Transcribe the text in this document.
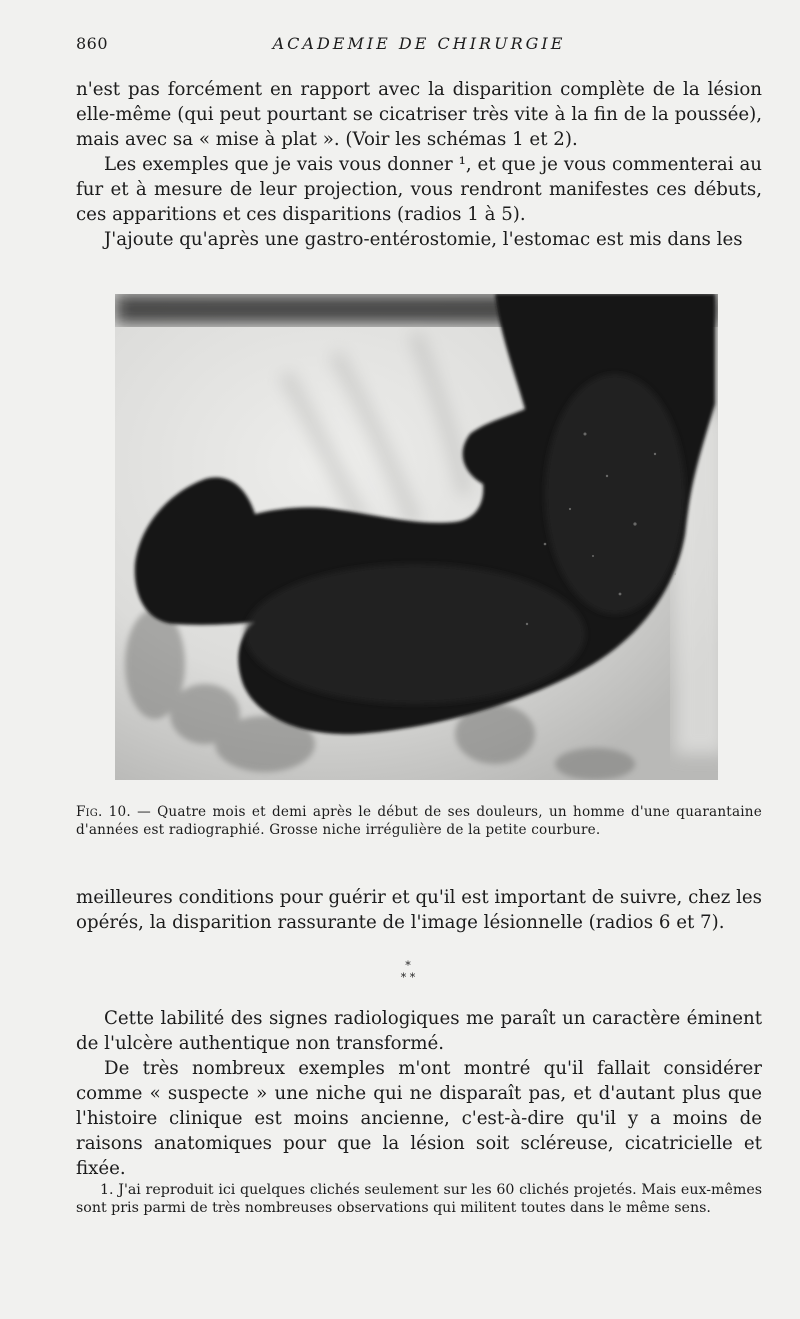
860	ACADEMIE DE CHIRURGIE

n'est pas forcément en rapport avec la disparition complète de la lésion elle-même (qui peut pourtant se cicatriser très vite à la fin de la poussée), mais avec sa « mise à plat ». (Voir les schémas 1 et 2).

Les exemples que je vais vous donner ¹, et que je vous commenterai au fur et à mesure de leur projection, vous rendront manifestes ces débuts, ces apparitions et ces disparitions (radios 1 à 5).

J'ajoute qu'après une gastro-entérostomie, l'estomac est mis dans les

Fig. 10. — Quatre mois et demi après le début de ses douleurs, un homme d'une quarantaine d'années est radiographié. Grosse niche irrégulière de la petite courbure.

meilleures conditions pour guérir et qu'il est important de suivre, chez les opérés, la disparition rassurante de l'image lésionnelle (radios 6 et 7).

*
* *

Cette labilité des signes radiologiques me paraît un caractère éminent de l'ulcère authentique non transformé.

De très nombreux exemples m'ont montré qu'il fallait considérer comme « suspecte » une niche qui ne disparaît pas, et d'autant plus que l'histoire clinique est moins ancienne, c'est-à-dire qu'il y a moins de raisons anatomiques pour que la lésion soit scléreuse, cicatricielle et fixée.

1. J'ai reproduit ici quelques clichés seulement sur les 60 clichés projetés. Mais eux-mêmes sont pris parmi de très nombreuses observations qui militent toutes dans le même sens.
